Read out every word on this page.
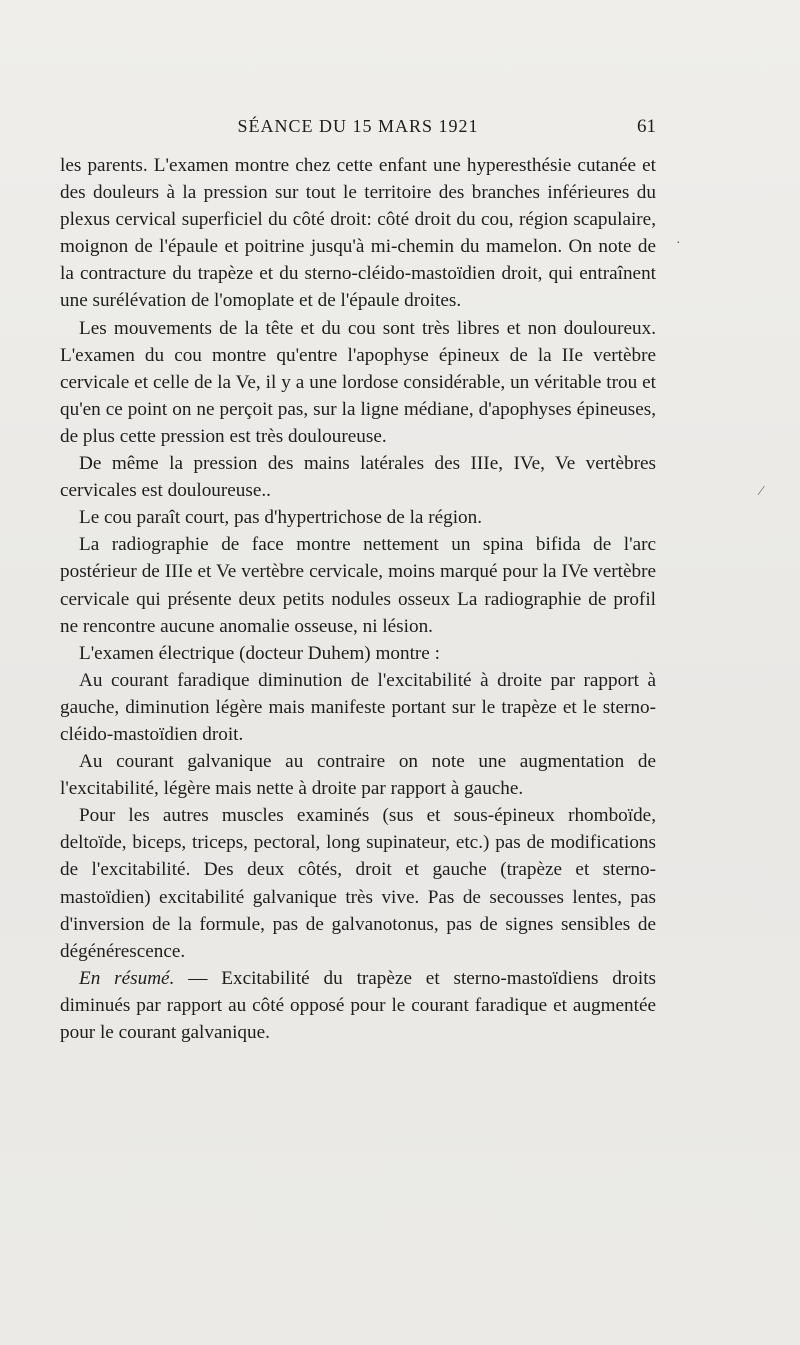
SÉANCE DU 15 MARS 1921	61

les parents. L'examen montre chez cette enfant une hyperesthésie cutanée et des douleurs à la pression sur tout le territoire des branches inférieures du plexus cervical superficiel du côté droit: côté droit du cou, région scapulaire, moignon de l'épaule et poitrine jusqu'à mi-chemin du mamelon. On note de la contracture du trapèze et du sterno-cléido-mastoïdien droit, qui entraînent une surélévation de l'omoplate et de l'épaule droites.

Les mouvements de la tête et du cou sont très libres et non douloureux. L'examen du cou montre qu'entre l'apophyse épineux de la IIe vertèbre cervicale et celle de la Ve, il y a une lordose considérable, un véritable trou et qu'en ce point on ne perçoit pas, sur la ligne médiane, d'apophyses épineuses, de plus cette pression est très douloureuse.

De même la pression des mains latérales des IIIe, IVe, Ve vertèbres cervicales est douloureuse..

Le cou paraît court, pas d'hypertrichose de la région.

La radiographie de face montre nettement un spina bifida de l'arc postérieur de IIIe et Ve vertèbre cervicale, moins marqué pour la IVe vertèbre cervicale qui présente deux petits nodules osseux La radiographie de profil ne rencontre aucune anomalie osseuse, ni lésion.

L'examen électrique (docteur Duhem) montre :

Au courant faradique diminution de l'excitabilité à droite par rapport à gauche, diminution légère mais manifeste portant sur le trapèze et le sterno-cléido-mastoïdien droit.

Au courant galvanique au contraire on note une augmentation de l'excitabilité, légère mais nette à droite par rapport à gauche.

Pour les autres muscles examinés (sus et sous-épineux rhomboïde, deltoïde, biceps, triceps, pectoral, long supinateur, etc.) pas de modifications de l'excitabilité. Des deux côtés, droit et gauche (trapèze et sterno-mastoïdien) excitabilité galvanique très vive. Pas de secousses lentes, pas d'inversion de la formule, pas de galvanotonus, pas de signes sensibles de dégénérescence.

En résumé. — Excitabilité du trapèze et sterno-mastoïdiens droits diminués par rapport au côté opposé pour le courant faradique et augmentée pour le courant galvanique.

·
⁄
